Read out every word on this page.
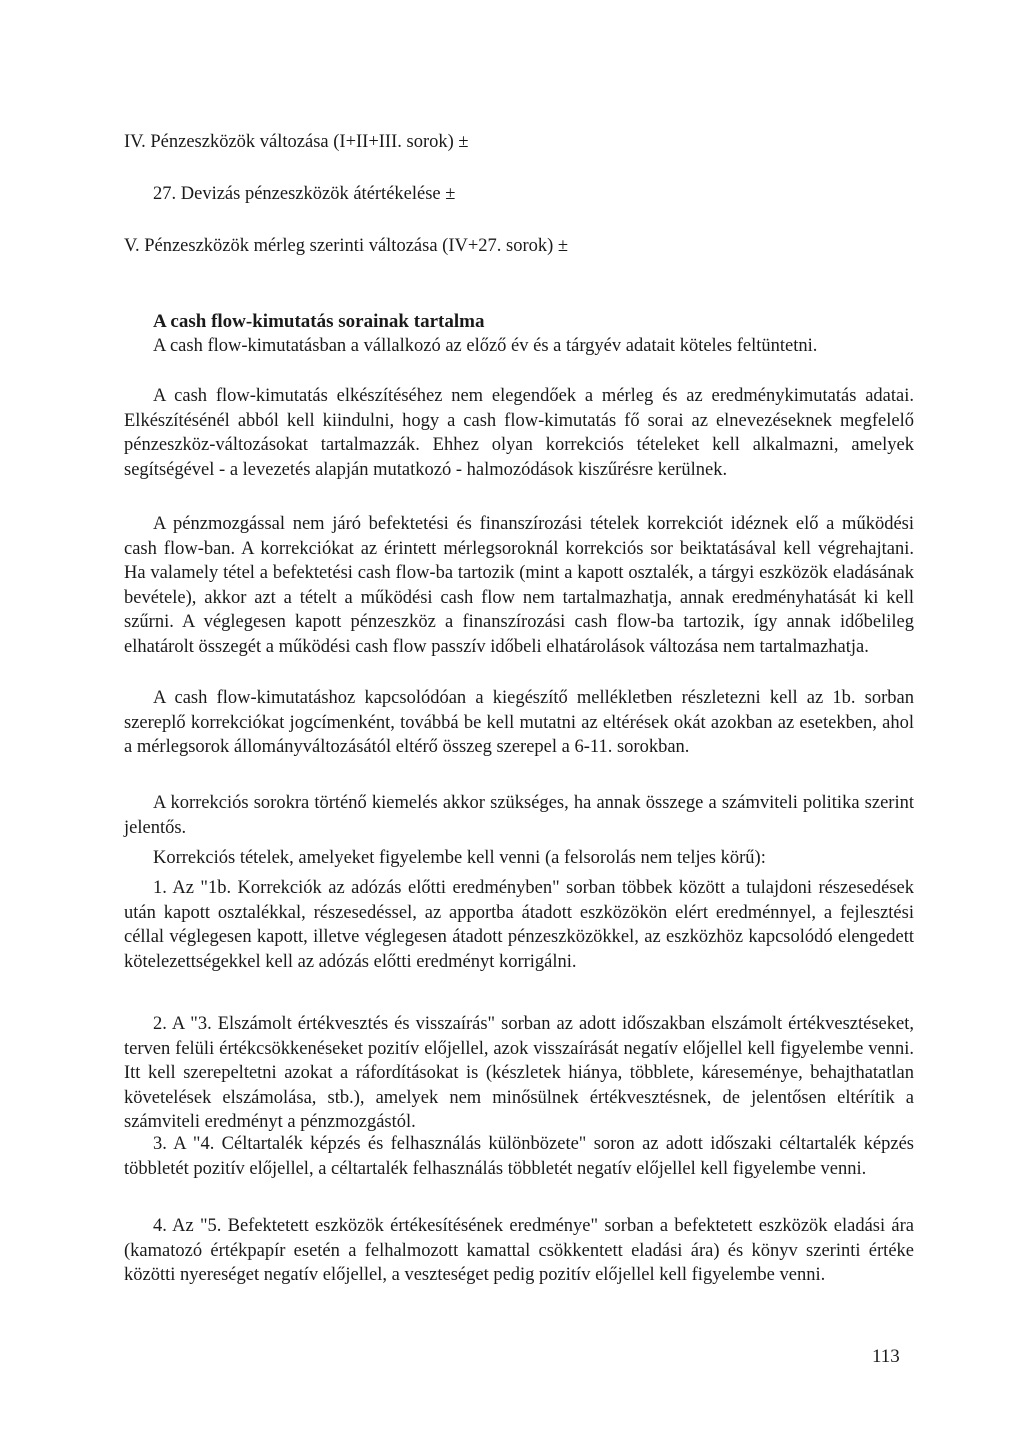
IV. Pénzeszközök változása (I+II+III. sorok) ±
27. Devizás pénzeszközök átértékelése ±
V. Pénzeszközök mérleg szerinti változása (IV+27. sorok) ±
A cash flow-kimutatás sorainak tartalma

A cash flow-kimutatásban a vállalkozó az előző év és a tárgyév adatait köteles feltüntetni.

A cash flow-kimutatás elkészítéséhez nem elegendőek a mérleg és az eredménykimutatás adatai. Elkészítésénél abból kell kiindulni, hogy a cash flow-kimutatás fő sorai az elnevezéseknek megfelelő pénzeszköz-változásokat tartalmazzák. Ehhez olyan korrekciós tételeket kell alkalmazni, amelyek segítségével - a levezetés alapján mutatkozó - halmozódások kiszűrésre kerülnek.

A pénzmozgással nem járó befektetési és finanszírozási tételek korrekciót idéznek elő a működési cash flow-ban. A korrekciókat az érintett mérlegsoroknál korrekciós sor beiktatásával kell végrehajtani. Ha valamely tétel a befektetési cash flow-ba tartozik (mint a kapott osztalék, a tárgyi eszközök eladásának bevétele), akkor azt a tételt a működési cash flow nem tartalmazhatja, annak eredményhatását ki kell szűrni. A véglegesen kapott pénzeszköz a finanszírozási cash flow-ba tartozik, így annak időbelileg elhatárolt összegét a működési cash flow passzív időbeli elhatárolások változása nem tartalmazhatja.

A cash flow-kimutatáshoz kapcsolódóan a kiegészítő mellékletben részletezni kell az 1b. sorban szereplő korrekciókat jogcímenként, továbbá be kell mutatni az eltérések okát azokban az esetekben, ahol a mérlegsorok állományváltozásától eltérő összeg szerepel a 6-11. sorokban.

A korrekciós sorokra történő kiemelés akkor szükséges, ha annak összege a számviteli politika szerint jelentős.

Korrekciós tételek, amelyeket figyelembe kell venni (a felsorolás nem teljes körű):

1. Az "1b. Korrekciók az adózás előtti eredményben" sorban többek között a tulajdoni részesedések után kapott osztalékkal, részesedéssel, az apportba átadott eszközökön elért eredménnyel, a fejlesztési céllal véglegesen kapott, illetve véglegesen átadott pénzeszközökkel, az eszközhöz kapcsolódó elengedett kötelezettségekkel kell az adózás előtti eredményt korrigálni.

2. A "3. Elszámolt értékvesztés és visszaírás" sorban az adott időszakban elszámolt értékvesztéseket, terven felüli értékcsökkenéseket pozitív előjellel, azok visszaírását negatív előjellel kell figyelembe venni. Itt kell szerepeltetni azokat a ráfordításokat is (készletek hiánya, többlete, káreseménye, behajthatatlan követelések elszámolása, stb.), amelyek nem minősülnek értékvesztésnek, de jelentősen eltérítik a számviteli eredményt a pénzmozgástól.

3. A "4. Céltartalék képzés és felhasználás különbözete" soron az adott időszaki céltartalék képzés többletét pozitív előjellel, a céltartalék felhasználás többletét negatív előjellel kell figyelembe venni.

4. Az "5. Befektetett eszközök értékesítésének eredménye" sorban a befektetett eszközök eladási ára (kamatozó értékpapír esetén a felhalmozott kamattal csökkentett eladási ára) és könyv szerinti értéke közötti nyereséget negatív előjellel, a veszteséget pedig pozitív előjellel kell figyelembe venni.

113
